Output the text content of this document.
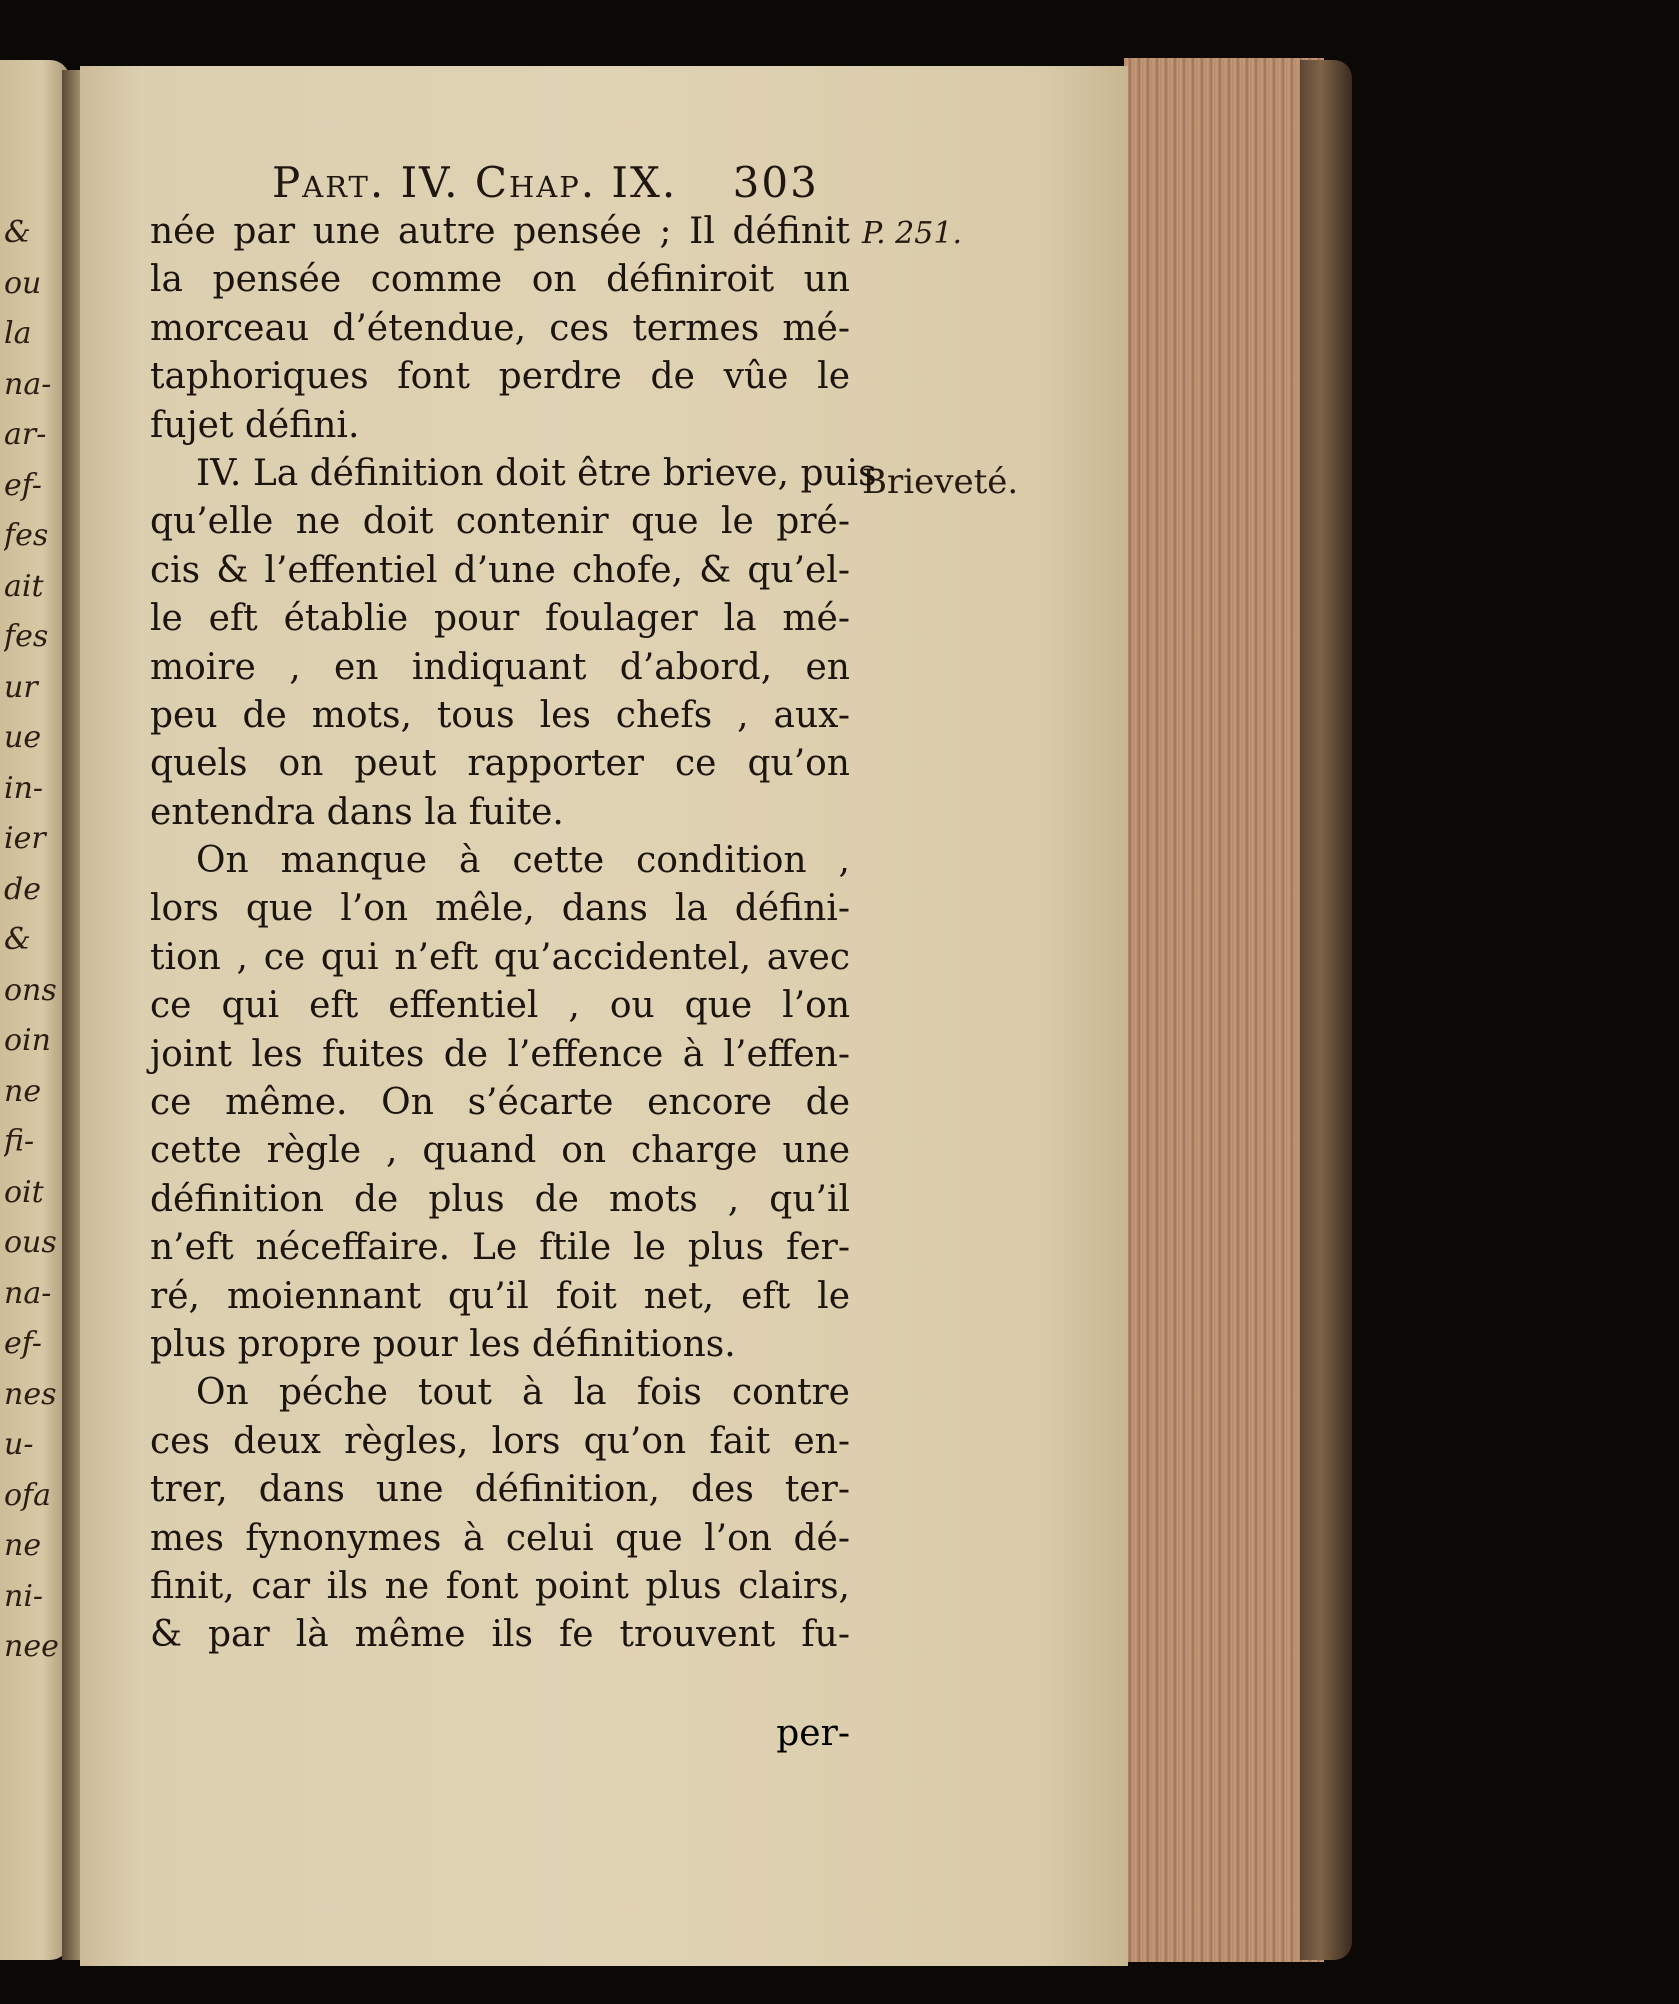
&
ou
la
na-
ar-
ef-
fes
ait
fes
ur
ue
in-
ier
de
&
ons
oin
ne
fi-
oit
ous
na-
ef-
nes
u-
ofa
ne
ni-
nee
Part. IV. Chap. IX. 303
P. 251.
Brieveté.
née par une autre pensée ; Il définit
la pensée comme on définiroit un
morceau d’étendue, ces termes mé-
taphoriques font perdre de vûe le
fujet défini.
IV. La définition doit être brieve, puis
qu’elle ne doit contenir que le pré-
cis & l’effentiel d’une chofe, & qu’el-
le eft établie pour foulager la mé-
moire , en indiquant d’abord, en
peu de mots, tous les chefs , aux-
quels on peut rapporter ce qu’on
entendra dans la fuite.
On manque à cette condition ,
lors que l’on mêle, dans la défini-
tion , ce qui n’eft qu’accidentel, avec
ce qui eft effentiel , ou que l’on
joint les fuites de l’effence à l’effen-
ce même. On s’écarte encore de
cette règle , quand on charge une
définition de plus de mots , qu’il
n’eft néceffaire. Le ftile le plus fer-
ré, moiennant qu’il foit net, eft le
plus propre pour les définitions.
On péche tout à la fois contre
ces deux règles, lors qu’on fait en-
trer, dans une définition, des ter-
mes fynonymes à celui que l’on dé-
finit, car ils ne font point plus clairs,
& par là même ils fe trouvent fu-
per-
